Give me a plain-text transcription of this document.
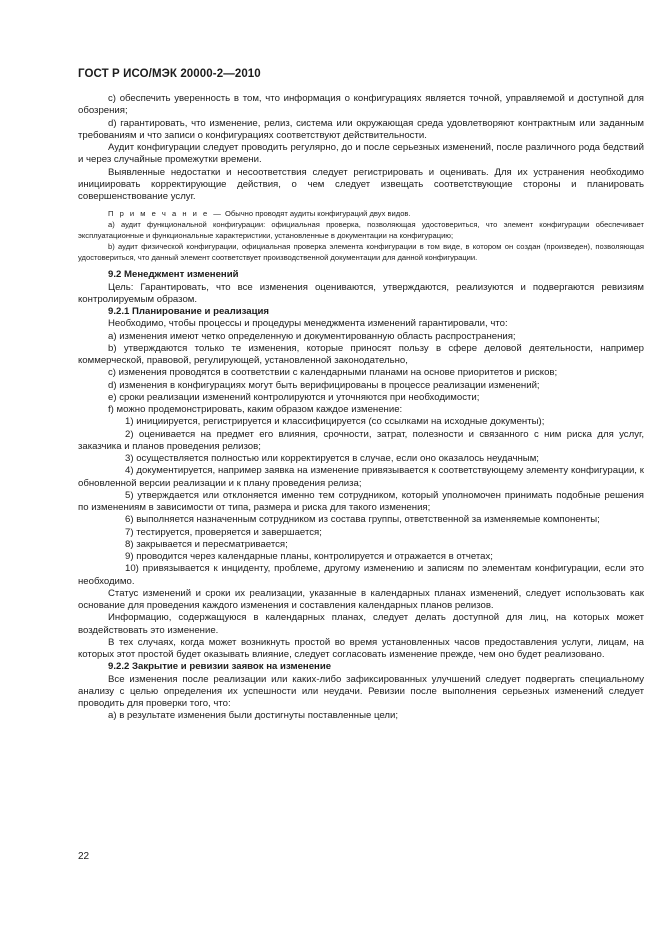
ГОСТ Р ИСО/МЭК 20000-2—2010

c) обеспечить уверенность в том, что информация о конфигурациях является точной, управляемой и доступной для обозрения;

d) гарантировать, что изменение, релиз, система или окружающая среда удовлетворяют контрактным или заданным требованиям и что записи о конфигурациях соответствуют действительности.

Аудит конфигурации следует проводить регулярно, до и после серьезных изменений, после различного рода бедствий и через случайные промежутки времени.

Выявленные недостатки и несоответствия следует регистрировать и оценивать. Для их устранения необходимо инициировать корректирующие действия, о чем следует извещать соответствующие стороны и планировать совершенствование услуг.

П р и м е ч а н и е — Обычно проводят аудиты конфигураций двух видов.

а) аудит функциональной конфигурации: официальная проверка, позволяющая удостовериться, что элемент конфигурации обеспечивает эксплуатационные и функциональные характеристики, установленные в документации на конфигурацию;

b) аудит физической конфигурации, официальная проверка элемента конфигурации в том виде, в котором он создан (произведен), позволяющая удостовериться, что данный элемент соответствует производственной документации для данной конфигурации.

9.2 Менеджмент изменений

Цель: Гарантировать, что все изменения оцениваются, утверждаются, реализуются и подвергаются ревизиям контролируемым образом.

9.2.1 Планирование и реализация

Необходимо, чтобы процессы и процедуры менеджмента изменений гарантировали, что:

а) изменения имеют четко определенную и документированную область распространения;

b) утверждаются только те изменения, которые приносят пользу в сфере деловой деятельности, например коммерческой, правовой, регулирующей, установленной законодательно,

c) изменения проводятся в соответствии с календарными планами на основе приоритетов и рисков;

d) изменения в конфигурациях могут быть верифицированы в процессе реализации изменений;

е) сроки реализации изменений контролируются и уточняются при необходимости;

f) можно продемонстрировать, каким образом каждое изменение:

1) инициируется, регистрируется и классифицируется (со ссылками на исходные документы);

2) оценивается на предмет его влияния, срочности, затрат, полезности и связанного с ним риска для услуг, заказчика и планов проведения релизов;

3) осуществляется полностью или корректируется в случае, если оно оказалось неудачным;

4) документируется, например заявка на изменение привязывается к соответствующему элементу конфигурации, к обновленной версии реализации и к плану проведения релиза;

5) утверждается или отклоняется именно тем сотрудником, который уполномочен принимать подобные решения по изменениям в зависимости от типа, размера и риска для такого изменения;

6) выполняется назначенным сотрудником из состава группы, ответственной за изменяемые компоненты;

7) тестируется, проверяется и завершается;

8) закрывается и пересматривается;

9) проводится через календарные планы, контролируется и отражается в отчетах;

10) привязывается к инциденту, проблеме, другому изменению и записям по элементам конфигурации, если это необходимо.

Статус изменений и сроки их реализации, указанные в календарных планах изменений, следует использовать как основание для проведения каждого изменения и составления календарных планов релизов.

Информацию, содержащуюся в календарных планах, следует делать доступной для лиц, на которых может воздействовать это изменение.

В тех случаях, когда может возникнуть простой во время установленных часов предоставления услуги, лицам, на которых этот простой будет оказывать влияние, следует согласовать изменение прежде, чем оно будет реализовано.

9.2.2 Закрытие и ревизии заявок на изменение

Все изменения после реализации или каких-либо зафиксированных улучшений следует подвергать специальному анализу с целью определения их успешности или неудачи. Ревизии после выполнения серьезных изменений следует проводить для проверки того, что:

а) в результате изменения были достигнуты поставленные цели;

22
